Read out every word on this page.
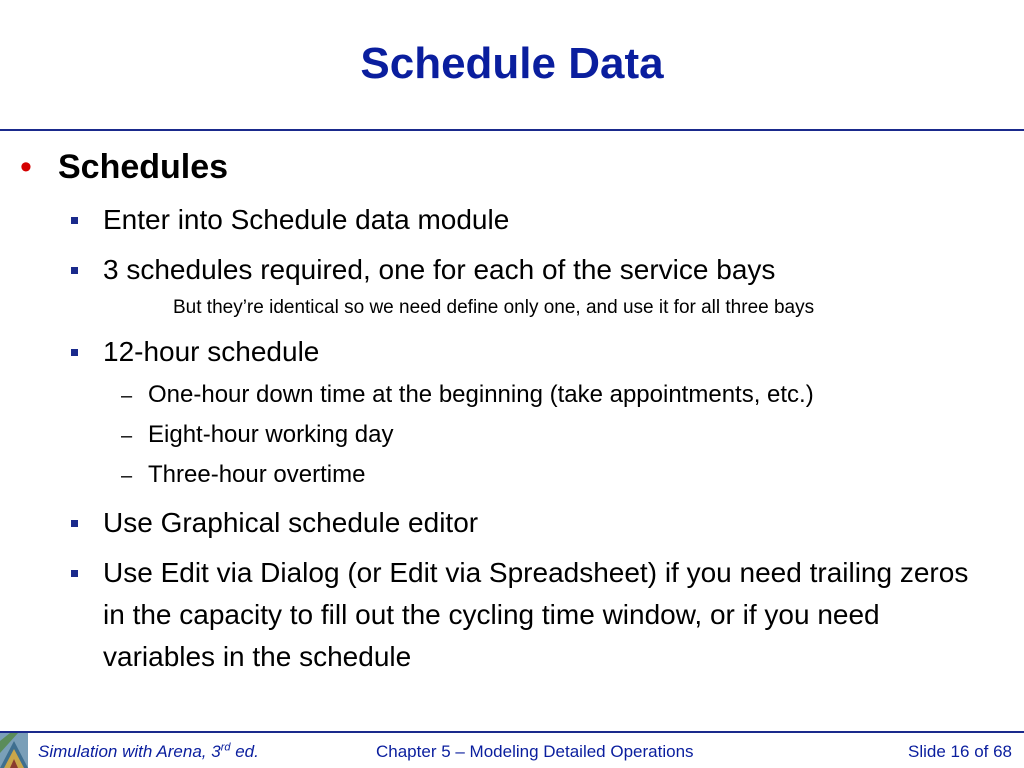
Schedule Data
• Schedules
Enter into Schedule data module
3 schedules required, one for each of the service bays
But they’re identical so we need define only one, and use it for all three bays
12-hour schedule
– One-hour down time at the beginning (take appointments, etc.)
– Eight-hour working day
– Three-hour overtime
Use Graphical schedule editor
Use Edit via Dialog (or Edit via Spreadsheet) if you need trailing zeros in the capacity to fill out the cycling time window, or if you need variables in the schedule
Simulation with Arena, 3rd ed.	Chapter 5 – Modeling Detailed Operations	Slide 16 of 68
